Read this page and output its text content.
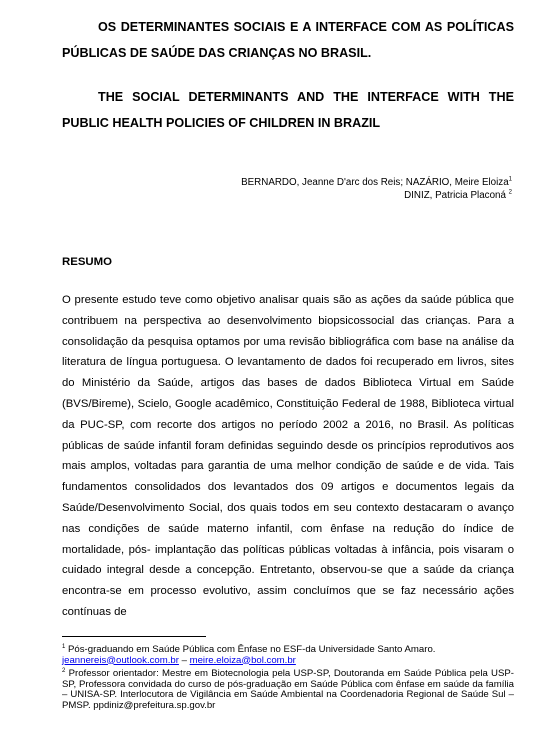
OS DETERMINANTES SOCIAIS E A INTERFACE COM AS POLÍTICAS PÚBLICAS DE SAÚDE DAS CRIANÇAS NO BRASIL.

THE SOCIAL DETERMINANTS AND THE INTERFACE WITH THE PUBLIC HEALTH POLICIES OF CHILDREN IN BRAZIL

BERNARDO, Jeanne D'arc dos Reis; NAZÁRIO, Meire Eloiza$^1$
DINIZ, Patricia Placoná $^2$

RESUMO

O presente estudo teve como objetivo analisar quais são as ações da saúde pública que contribuem na perspectiva ao desenvolvimento biopsicossocial das crianças. Para a consolidação da pesquisa optamos por uma revisão bibliográfica com base na análise da literatura de língua portuguesa. O levantamento de dados foi recuperado em livros, sites do Ministério da Saúde, artigos das bases de dados Biblioteca Virtual em Saúde (BVS/Bireme), Scielo, Google acadêmico, Constituição Federal de 1988, Biblioteca virtual da PUC-SP, com recorte dos artigos no período 2002 a 2016, no Brasil. As políticas públicas de saúde infantil foram definidas seguindo desde os princípios reprodutivos aos mais amplos, voltadas para garantia de uma melhor condição de saúde e de vida. Tais fundamentos consolidados dos levantados dos 09 artigos e documentos legais da Saúde/Desenvolvimento Social, dos quais todos em seu contexto destacaram o avanço nas condições de saúde materno infantil, com ênfase na redução do índice de mortalidade, pós- implantação das políticas públicas voltadas à infância, pois visaram o cuidado integral desde a concepção. Entretanto, observou-se que a saúde da criança encontra-se em processo evolutivo, assim concluímos que se faz necessário ações contínuas de

$^1$ Pós-graduando em Saúde Pública com Ênfase no ESF-da Universidade Santo Amaro.
jeannereis@outlook.com.br – meire.eloiza@bol.com.br

$^2$ Professor orientador: Mestre em Biotecnologia pela USP-SP, Doutoranda em Saúde Pública pela USP- SP, Professora convidada do curso de pós-graduação em Saúde Pública com ênfase em saúde da família – UNISA-SP. Interlocutora de Vigilância em Saúde Ambiental na Coordenadoria Regional de Saúde Sul – PMSP. ppdiniz@prefeitura.sp.gov.br
